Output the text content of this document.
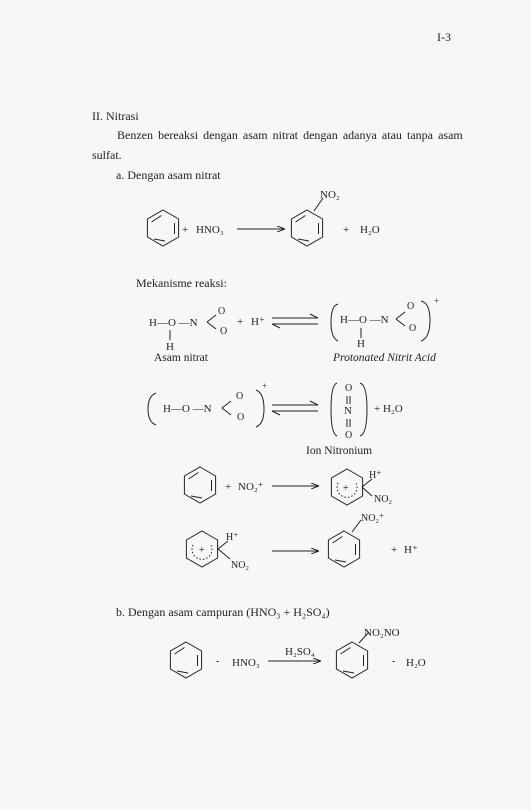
I-3
II. Nitrasi
Benzen bereaksi dengan asam nitrat dengan adanya atau tanpa asam
sulfat.
a. Dengan asam nitrat
Mekanisme reaksi:
Asam nitrat	Protonated Nitrit Acid
Ion Nitronium
b. Dengan asam campuran (HNO₃ + H₂SO₄)
+ HNO₃
NO₂
+ H₂O
H—O —N
H
O
O
+ H⁺	H—O —N
H
O
O
+
H—O —N
O
O
+	O
N
O
+ H₂O
+ NO₂⁺	+
H⁺
NO₂
+
H⁺
NO₂
NO₂⁺
+ H⁺
- HNO₃
H₂SO₄
NO₂NO
- H₂O
